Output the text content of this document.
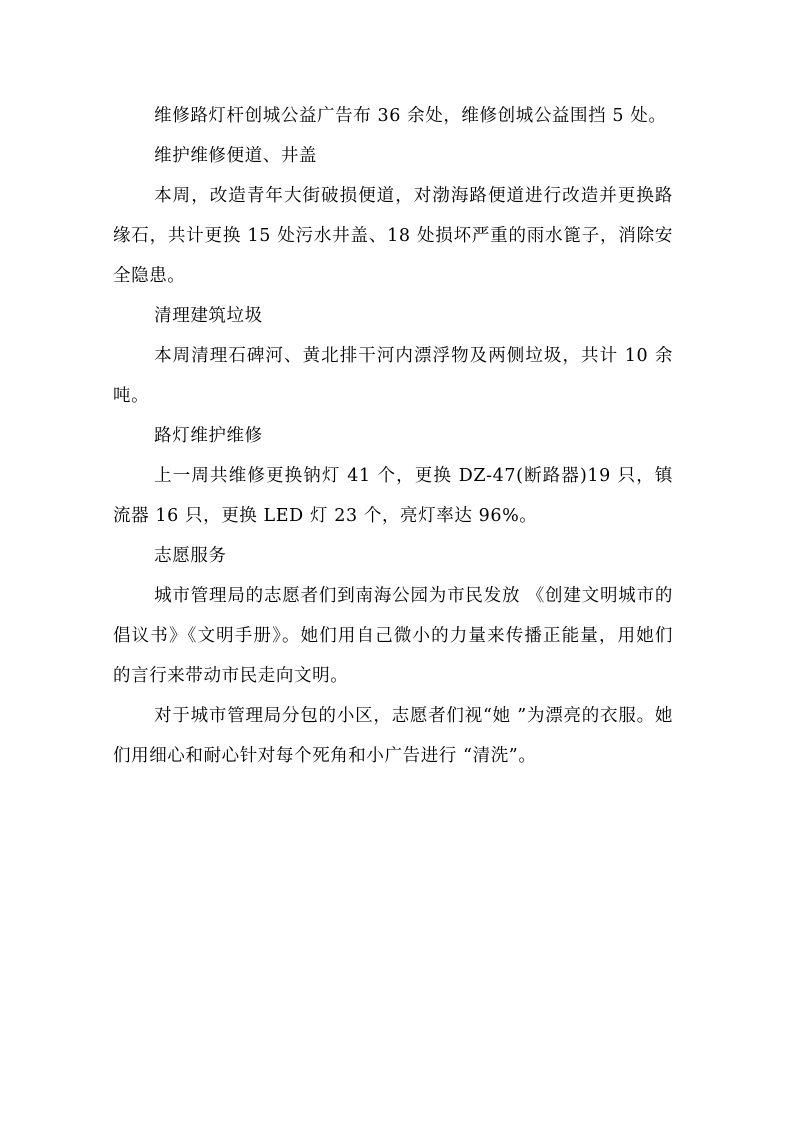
维修路灯杆创城公益广告布 36 余处，维修创城公益围挡 5 处。

维护维修便道、井盖

本周，改造青年大街破损便道，对渤海路便道进行改造并更换路缘石，共计更换 15 处污水井盖、18 处损坏严重的雨水篦子，消除安全隐患。

清理建筑垃圾

本周清理石碑河、黄北排干河内漂浮物及两侧垃圾，共计 10 余吨。

路灯维护维修

上一周共维修更换钠灯 41 个，更换 DZ-47(断路器)19 只，镇流器 16 只，更换 LED 灯 23 个，亮灯率达 96%。

志愿服务

城市管理局的志愿者们到南海公园为市民发放 《创建文明城市的倡议书》《文明手册》。她们用自己微小的力量来传播正能量，用她们的言行来带动市民走向文明。

对于城市管理局分包的小区，志愿者们视“她 ”为漂亮的衣服。她们用细心和耐心针对每个死角和小广告进行 “清洗”。
